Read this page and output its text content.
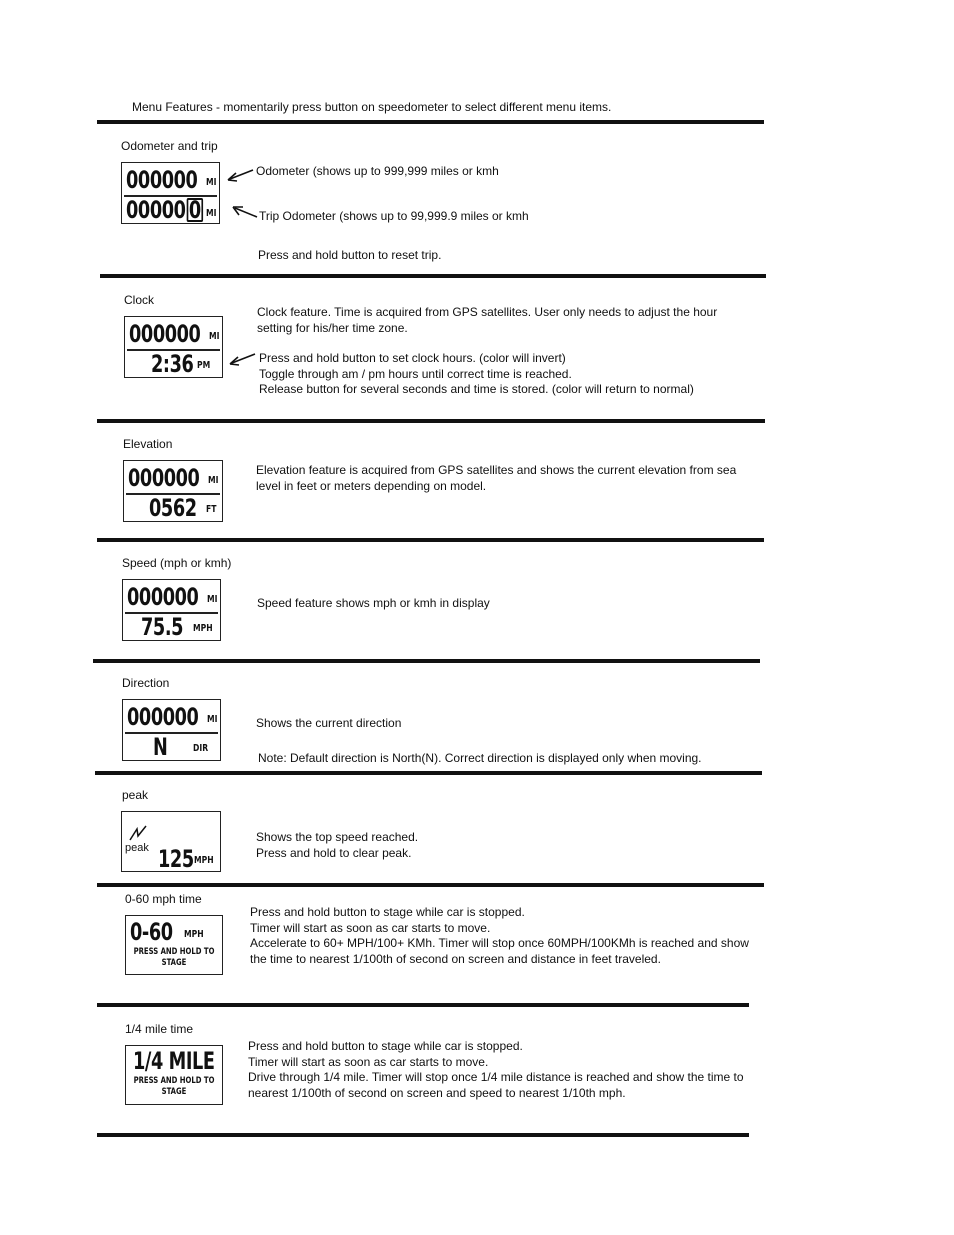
Menu Features - momentarily press button on speedometer to select different menu items.
Odometer and trip
000000 MI
00000 0 MI
Odometer (shows up to 999,999 miles or kmh
Trip Odometer (shows up to 99,999.9 miles or kmh
Press and hold button to reset trip.
Clock
000000 MI
2:36 PM
Clock feature. Time is acquired from GPS satellites. User only needs to adjust the hour
setting for his/her time zone.
Press and hold button to set clock hours. (color will invert)
Toggle through am / pm hours until correct time is reached.
Release button for several seconds and time is stored. (color will return to normal)
Elevation
000000 MI
0562 FT
Elevation feature is acquired from GPS satellites and shows the current elevation from sea
level in feet or meters depending on model.
Speed (mph or kmh)
000000 MI
75.5 MPH
Speed feature shows mph or kmh in display
Direction
000000 MI
N	DIR
Shows the current direction
Note: Default direction is North(N). Correct direction is displayed only when moving.
peak
peak 125 MPH
Shows the top speed reached.
Press and hold to clear peak.
0-60 mph time
0-60 MPH
PRESS AND HOLD TO
STAGE
Press and hold button to stage while car is stopped.
Timer will start as soon as car starts to move.
Accelerate to 60+ MPH/100+ KMh. Timer will stop once 60MPH/100KMh is reached and show
the time to nearest 1/100th of second on screen and distance in feet traveled.
1/4 mile time
1/4 MILE
PRESS AND HOLD TO
STAGE
Press and hold button to stage while car is stopped.
Timer will start as soon as car starts to move.
Drive through 1/4 mile. Timer will stop once 1/4 mile distance is reached and show the time to
nearest 1/100th of second on screen and speed to nearest 1/10th mph.
